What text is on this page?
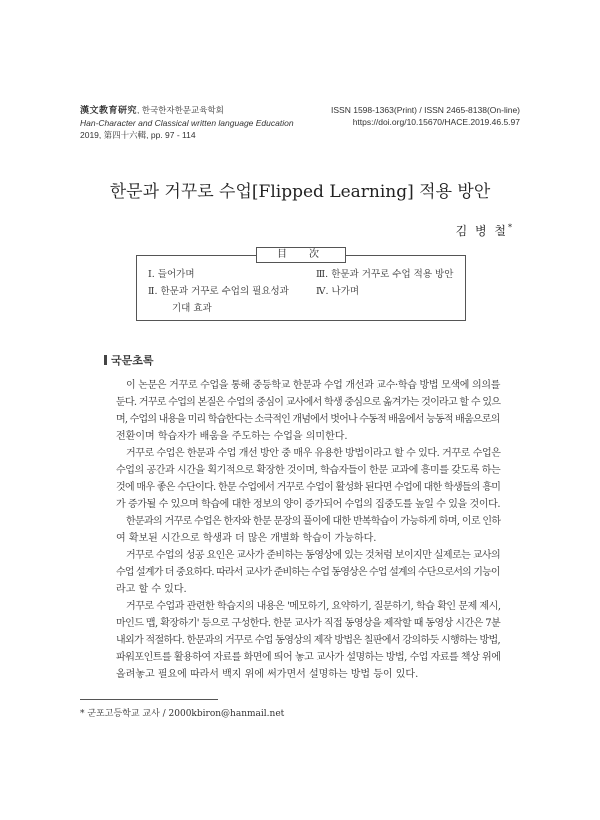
漢文教育研究, 한국한자한문교육학회
Han-Character and Classical written language Education
2019, 第四十六輯, pp. 97 - 114
ISSN 1598-1363(Print) / ISSN 2465-8138(On-line)
https://doi.org/10.15670/HACE.2019.46.5.97
한문과 거꾸로 수업[Flipped Learning] 적용 방안
김 병 철*
目　次
Ⅰ. 들어가며
Ⅱ. 한문과 거꾸로 수업의 필요성과
기대 효과
Ⅲ. 한문과 거꾸로 수업 적용 방안
Ⅳ. 나가며
국문초록
이 논문은 거꾸로 수업을 통해 중등학교 한문과 수업 개선과 교수·학습 방법 모색에 의의를
둔다. 거꾸로 수업의 본질은 수업의 중심이 교사에서 학생 중심으로 옮겨가는 것이라고 할 수 있으
며, 수업의 내용을 미리 학습한다는 소극적인 개념에서 벗어나 수동적 배움에서 능동적 배움으로의
전환이며 학습자가 배움을 주도하는 수업을 의미한다.
거꾸로 수업은 한문과 수업 개선 방안 중 매우 유용한 방법이라고 할 수 있다. 거꾸로 수업은
수업의 공간과 시간을 획기적으로 확장한 것이며, 학습자들이 한문 교과에 흥미를 갖도록 하는
것에 매우 좋은 수단이다. 한문 수업에서 거꾸로 수업이 활성화 된다면 수업에 대한 학생들의 흥미
가 증가될 수 있으며 학습에 대한 정보의 양이 증가되어 수업의 집중도를 높일 수 있을 것이다.
한문과의 거꾸로 수업은 한자와 한문 문장의 풀이에 대한 반복학습이 가능하게 하며, 이로 인하
여 확보된 시간으로 학생과 더 많은 개별화 학습이 가능하다.
거꾸로 수업의 성공 요인은 교사가 준비하는 동영상에 있는 것처럼 보이지만 실제로는 교사의
수업 설계가 더 중요하다. 따라서 교사가 준비하는 수업 동영상은 수업 설계의 수단으로서의 기능이
라고 할 수 있다.
거꾸로 수업과 관련한 학습지의 내용은 '메모하기, 요약하기, 질문하기, 학습 확인 문제 제시,
마인드 맵, 확장하기' 등으로 구성한다. 한문 교사가 직접 동영상을 제작할 때 동영상 시간은 7분
내외가 적절하다. 한문과의 거꾸로 수업 동영상의 제작 방법은 칠판에서 강의하듯 시행하는 방법,
파워포인트를 활용하여 자료를 화면에 띄어 놓고 교사가 설명하는 방법, 수업 자료를 책상 위에
올려놓고 필요에 따라서 백지 위에 써가면서 설명하는 방법 등이 있다.
* 군포고등학교 교사 / 2000kbiron@hanmail.net
